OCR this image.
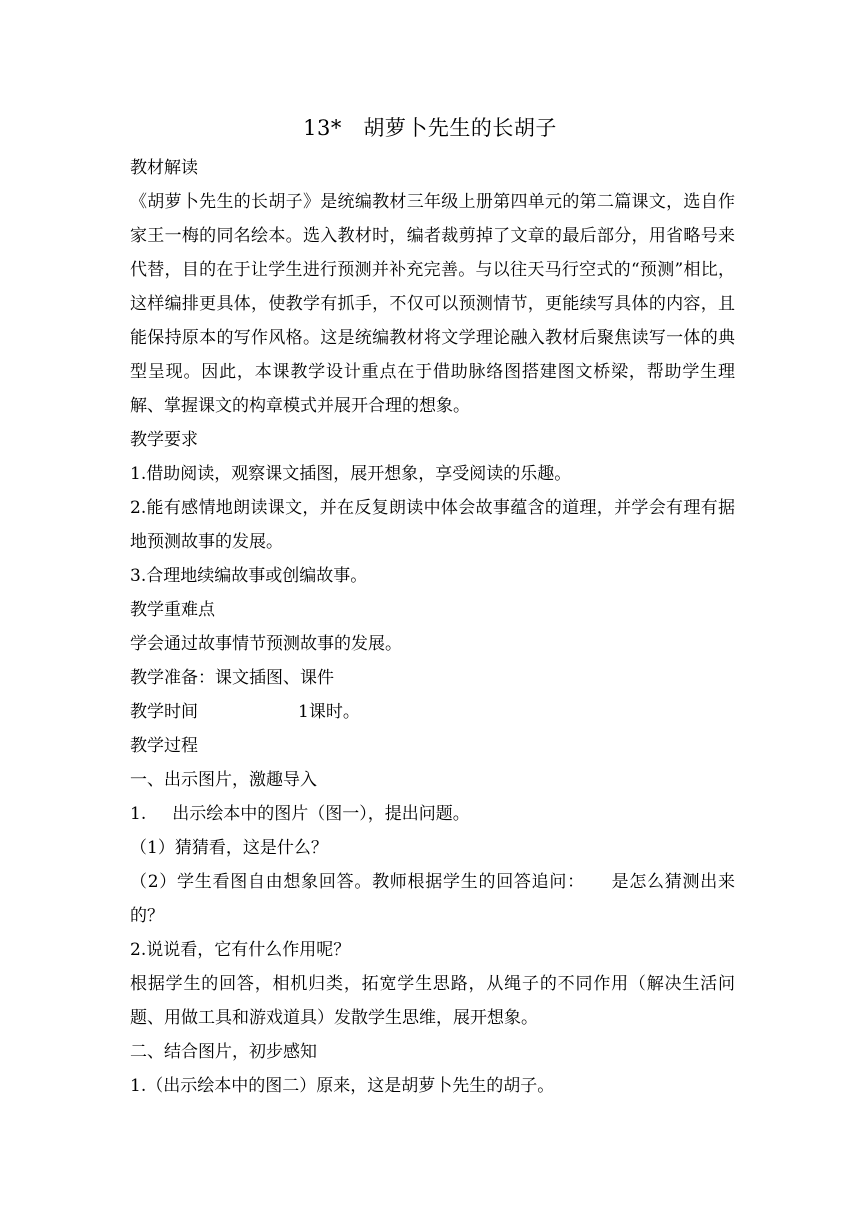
13*　胡萝卜先生的长胡子

教材解读

《胡萝卜先生的长胡子》是统编教材三年级上册第四单元的第二篇课文，选自作家王一梅的同名绘本。选入教材时，编者裁剪掉了文章的最后部分，用省略号来代替，目的在于让学生进行预测并补充完善。与以往天马行空式的“预测”相比，这样编排更具体，使教学有抓手，不仅可以预测情节，更能续写具体的内容，且能保持原本的写作风格。这是统编教材将文学理论融入教材后聚焦读写一体的典型呈现。因此，本课教学设计重点在于借助脉络图搭建图文桥梁，帮助学生理解、掌握课文的构章模式并展开合理的想象。

教学要求

1.借助阅读，观察课文插图，展开想象，享受阅读的乐趣。

2.能有感情地朗读课文，并在反复朗读中体会故事蕴含的道理，并学会有理有据地预测故事的发展。

3.合理地续编故事或创编故事。

教学重难点

学会通过故事情节预测故事的发展。

教学准备：课文插图、课件

教学时间	1课时。

教学过程

一、出示图片，激趣导入

1. 出示绘本中的图片（图一），提出问题。

（1）猜猜看，这是什么？

（2）学生看图自由想象回答。教师根据学生的回答追问： 是怎么猜测出来的？

2.说说看，它有什么作用呢？

根据学生的回答，相机归类，拓宽学生思路，从绳子的不同作用（解决生活问题、用做工具和游戏道具）发散学生思维，展开想象。

二、结合图片，初步感知

1.（出示绘本中的图二）原来，这是胡萝卜先生的胡子。
